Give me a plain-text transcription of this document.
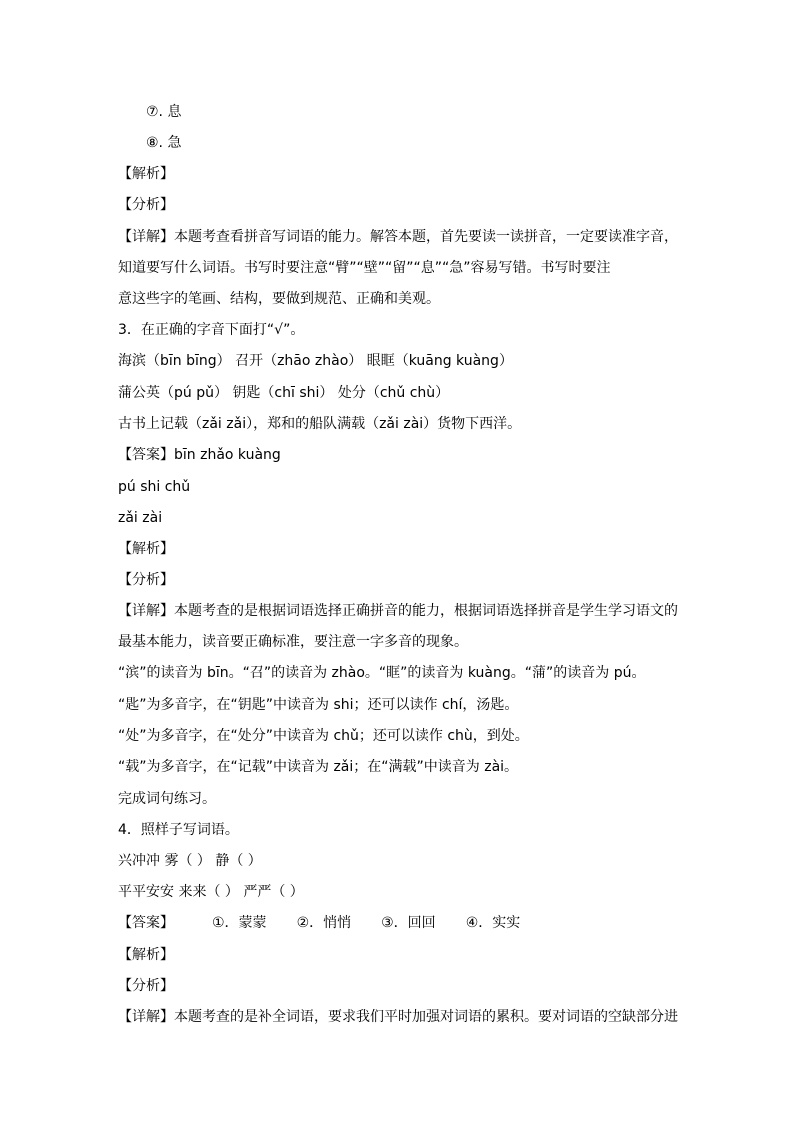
⑦. 息
⑧. 急
【解析】
【分析】
【详解】本题考查看拼音写词语的能力。解答本题，首先要读一读拼音，一定要读准字音，
知道要写什么词语。书写时要注意“臂”“壁”“留”“息”“急”容易写错。书写时要注
意这些字的笔画、结构，要做到规范、正确和美观。
3．在正确的字音下面打“√”。
海滨（bīn bīng） 召开（zhāo zhào） 眼眶（kuāng kuàng）
蒲公英（pú pǔ） 钥匙（chī shi） 处分（chǔ chù）
古书上记载（zǎi zǎi），郑和的船队满载（zǎi zài）货物下西洋。
【答案】bīn zhǎo kuàng
pú shi chǔ
zǎi zài
【解析】
【分析】
【详解】本题考查的是根据词语选择正确拼音的能力，根据词语选择拼音是学生学习语文的
最基本能力，读音要正确标准，要注意一字多音的现象。
“滨”的读音为 bīn。“召”的读音为 zhào。“眶”的读音为 kuàng。“蒲”的读音为 pú。
“匙”为多音字，在“钥匙”中读音为 shi；还可以读作 chí，汤匙。
“处”为多音字，在“处分”中读音为 chǔ；还可以读作 chù，到处。
“载”为多音字，在“记载”中读音为 zǎi；在“满载”中读音为 zài。
完成词句练习。
4．照样子写词语。
兴冲冲 雾（ ） 静（ ）
平平安安 来来（ ） 严严（ ）
【答案】	①．蒙蒙 ②．悄悄 ③．回回 ④．实实
【解析】
【分析】
【详解】本题考查的是补全词语，要求我们平时加强对词语的累积。要对词语的空缺部分进
